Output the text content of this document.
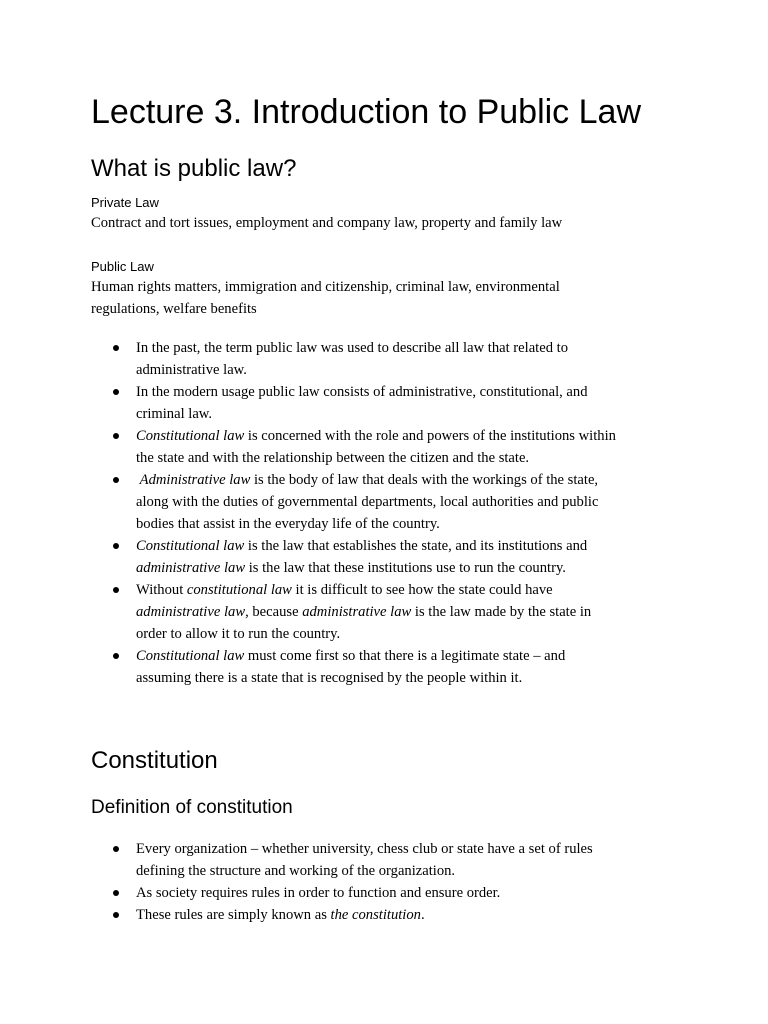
Lecture 3. Introduction to Public Law
What is public law?
Private Law
Contract and tort issues, employment and company law, property and family law
Public Law
Human rights matters, immigration and citizenship, criminal law, environmental
regulations, welfare benefits
In the past, the term public law was used to describe all law that related to
administrative law.
In the modern usage public law consists of administrative, constitutional, and
criminal law.
Constitutional law is concerned with the role and powers of the institutions within
the state and with the relationship between the citizen and the state.
Administrative law is the body of law that deals with the workings of the state,
along with the duties of governmental departments, local authorities and public
bodies that assist in the everyday life of the country.
Constitutional law is the law that establishes the state, and its institutions and
administrative law is the law that these institutions use to run the country.
Without constitutional law it is difficult to see how the state could have
administrative law, because administrative law is the law made by the state in
order to allow it to run the country.
Constitutional law must come first so that there is a legitimate state – and
assuming there is a state that is recognised by the people within it.
Constitution
Definition of constitution
Every organization – whether university, chess club or state have a set of rules
defining the structure and working of the organization.
As society requires rules in order to function and ensure order.
These rules are simply known as the constitution.
